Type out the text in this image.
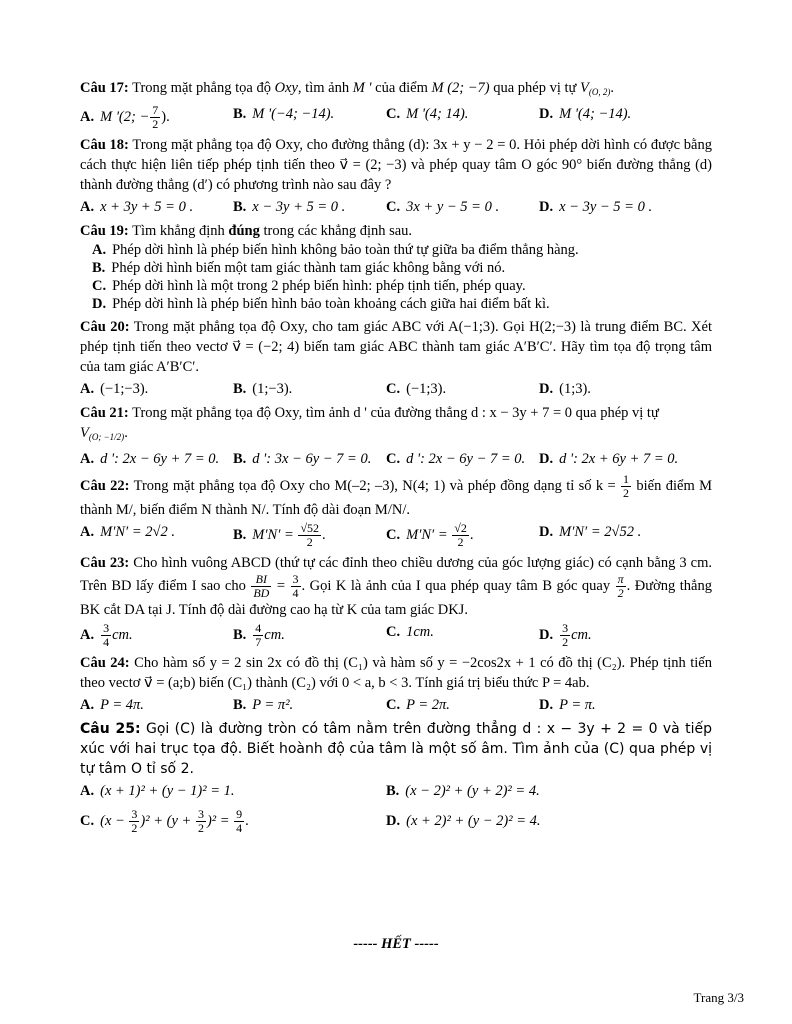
Câu 17: Trong mặt phẳng tọa độ Oxy, tìm ảnh M ' của điểm M (2; −7) qua phép vị tự $V_{(O, 2)}$.
A. M '(2; − $\frac{7}{2}$ ).	B. M '(−4; −14).	C. M '(4; 14).	D. M '(4; −14).
Câu 18: Trong mặt phẳng tọa độ Oxy, cho đường thẳng (d): 3x + y − 2 = 0. Hỏi phép dời hình có được bằng cách thực hiện liên tiếp phép tịnh tiến theo v⃗ = (2; −3) và phép quay tâm O góc 90° biến đường thẳng (d) thành đường thẳng (d′) có phương trình nào sau đây ?
A. x + 3y + 5 = 0 .	B. x − 3y + 5 = 0 .	C. 3x + y − 5 = 0 .	D. x − 3y − 5 = 0 .
Câu 19: Tìm khẳng định đúng trong các khẳng định sau.
A. Phép dời hình là phép biến hình không bảo toàn thứ tự giữa ba điểm thẳng hàng.
B. Phép dời hình biến một tam giác thành tam giác không bằng với nó.
C. Phép dời hình là một trong 2 phép biến hình: phép tịnh tiến, phép quay.
D. Phép dời hình là phép biến hình bảo toàn khoảng cách giữa hai điểm bất kì.
Câu 20: Trong mặt phẳng tọa độ Oxy, cho tam giác ABC với A(−1;3). Gọi H(2;−3) là trung điểm BC. Xét phép tịnh tiến theo vectơ v⃗ = (−2; 4) biến tam giác ABC thành tam giác A′B′C′. Hãy tìm tọa độ trọng tâm của tam giác A′B′C′.
A. (−1;−3).	B. (1;−3).	C. (−1;3).	D. (1;3).
Câu 21: Trong mặt phẳng tọa độ Oxy, tìm ảnh d ' của đường thẳng d : x − 3y + 7 = 0 qua phép vị tự
$V_{(O; -1/2)}$.
A. d ': 2x − 6y + 7 = 0. B. d ': 3x − 6y − 7 = 0.	C. d ': 2x − 6y − 7 = 0. D. d ': 2x + 6y + 7 = 0.
Câu 22: Trong mặt phẳng tọa độ Oxy cho M(–2; –3), N(4; 1) và phép đồng dạng tỉ số $k = \frac{1}{2}$ biến điểm M thành M/, biến điểm N thành N/. Tính độ dài đoạn M/N/.
A. M′N′ = 2√2 .	B. $M'N' = \frac{√52}{2}$ .	C. $M'N' = \frac{√2}{2}$ .	D. M′N′ = 2√52 .
Câu 23: Cho hình vuông ABCD (thứ tự các đỉnh theo chiều dương của góc lượng giác) có cạnh bằng 3 cm. Trên BD lấy điểm I sao cho $\frac{BI}{BD} = \frac{3}{4}$ . Gọi K là ảnh của I qua phép quay tâm B góc quay $\frac{\pi}{2}$ . Đường thẳng BK cắt DA tại J. Tính độ dài đường cao hạ từ K của tam giác DKJ.
A. $\frac{3}{4}$ cm.	B. $\frac{4}{7}$ cm.	C. 1cm.	D. $\frac{3}{2}$ cm.
Câu 24: Cho hàm số y = 2 sin 2x có đồ thị (C₁) và hàm số y = −2cos2x + 1 có đồ thị (C₂). Phép tịnh tiến theo vectơ v⃗ = (a;b) biến (C₁) thành (C₂) với 0 < a, b < 3. Tính giá trị biểu thức P = 4ab.
A. P = 4π.	B. P = π².	C. P = 2π.	D. P = π.
Câu 25: Gọi (C) là đường tròn có tâm nằm trên đường thẳng d : x − 3y + 2 = 0 và tiếp xúc với hai trục tọa độ. Biết hoành độ của tâm là một số âm. Tìm ảnh của (C) qua phép vị tự tâm O tỉ số 2.
A. (x + 1)² + (y − 1)² = 1.	B. (x − 2)² + (y + 2)² = 4.
C. $(x - \frac{3}{2} )^2 + (y + \frac{3}{2} )^2 = \frac{9}{4}$ .	D. (x + 2)² + (y − 2)² = 4.
----- HẾT -----
Trang 3/3
